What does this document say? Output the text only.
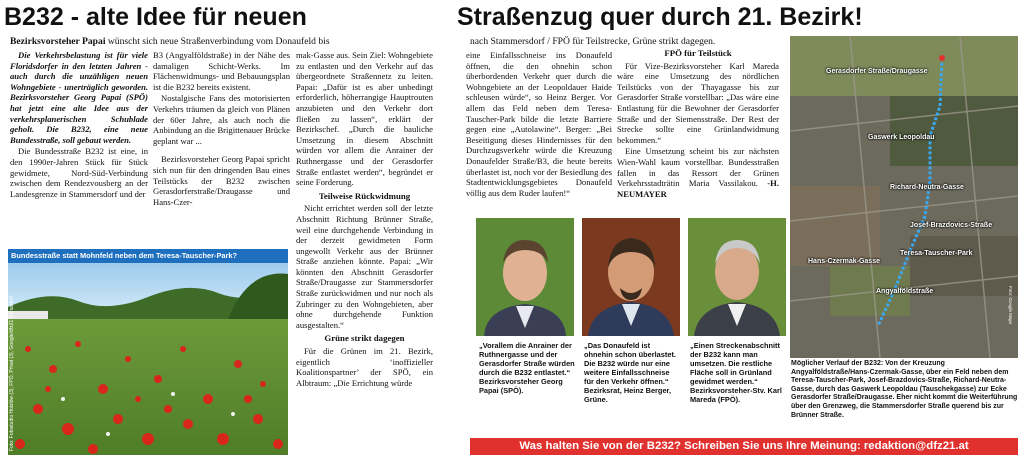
B232 - alte Idee für neuen	Straßenzug quer durch 21. Bezirk!
Bezirksvorsteher Papai wünscht sich neue Straßenverbindung vom Donaufeld bis	nach Stammersdorf / FPÖ für Teilstrecke, Grüne strikt dagegen.

Die Verkehrsbelastung ist für viele Floridsdorfer in den letzten Jahren - auch durch die unzähligen neuen Wohngebiete - unerträglich geworden. Bezirksvorsteher Georg Papai (SPÖ) hat jetzt eine alte Idee aus der verkehrsplanerischen Schublade geholt. Die B232, eine neue Bundesstraße, soll gebaut werden.

Die Bundesstraße B232 ist eine, in den 1990er-Jahren Stück für Stück gewidmete, Nord-Süd-Verbindung zwischen dem Rendezvousberg an der Landesgrenze in Stammersdorf und der

B3 (Angyalföldstraße) in der Nähe des damaligen Schicht-Werks. Im Flächenwidmungs- und Bebauungsplan ist die B232 bereits existent.

Nostalgische Fans des motorisierten Verkehrs träumen da gleich von Plänen der 60er Jahre, als auch noch die Anbindung an die Brigittenauer Brücke geplant war ...

Bezirksvorsteher Georg Papai spricht sich nun für den dringenden Bau eines Teilstücks der B232 zwischen Gerasdorferstraße/Draugasse und Hans-Czer-

mak-Gasse aus. Sein Ziel: Wohngebiete zu entlasten und den Verkehr auf das übergeordnete Straßennetz zu leiten. Papai: „Dafür ist es aber unbedingt erforderlich, höherrangige Hauptrouten anzubieten und den Verkehr dort fließen zu lassen“, erklärt der Bezirkschef. „Durch die bauliche Umsetzung in diesem Abschnitt würden vor allem die Anrainer der Ruthnergasse und der Gerasdorfer Straße entlastet werden“, begründet er seine Forderung.

Teilweise Rückwidmung

Nicht errichtet werden soll der letzte Abschnitt Richtung Brünner Straße, weil eine durchgehende Verbindung in der derzeit gewidmeten Form ungewollt Verkehr aus der Brünner Straße anziehen könnte. Papai: „Wir könnten den Abschnitt Gerasdorfer Straße/Draugasse zur Stammersdorfer Straße zurückwidmen und nur noch als Zubringer zu den Wohngebieten, aber ohne durchgehende Funktion ausgestalten.“

Grüne strikt dagegen

Für die Grünen im 21. Bezirk, eigentlich ‘inoffizieller Koalitionspartner’ der SPÖ, ein Albtraum: „Die Errichtung würde

Bundesstraße statt Mohnfeld neben dem Teresa-Tauscher-Park?
Foto: Fotostudio Holzlöw (3), FPÖ, Privat (3), Google/dfz21 Gerasdorf

eine Einfallsschneise ins Donaufeld öffnen, die den ohnehin schon überbordenden Verkehr quer durch die Wohngebiete an der Leopoldauer Haide schleusen würde“, so Heinz Berger. Vor allem das Feld neben dem Teresa-Tauscher-Park bilde die letzte Barriere gegen eine „Autolawine“. Berger: „Bei Beseitigung dieses Hindernisses für den Durchzugsverkehr würde die Kreuzung Donaufelder Straße/B3, die heute bereits überlastet ist, noch vor der Besiedlung des Stadtentwicklungsgebietes Donaufeld völlig aus dem Ruder laufen!“

FPÖ für Teilstück

Für Vize-Bezirksvorsteher Karl Mareda wäre eine Umsetzung des nördlichen Teilstücks von der Thayagasse bis zur Gerasdorfer Straße vorstellbar: „Das wäre eine Entlastung für die Bewohner der Gerasdorfer Straße und der Siemensstraße. Der Rest der Strecke sollte eine Grünlandwidmung bekommen.“

Eine Umsetzung scheint bis zur nächsten Wien-Wahl kaum vorstellbar. Bundesstraßen fallen in das Ressort der Grünen Verkehrsstadträtin Maria Vassilakou. -H. NEUMAYER

„Vorallem die Anrainer der Ruthnergasse und der Gerasdorfer Straße würden durch die B232 entlastet.“ Bezirksvorsteher Georg Papai (SPÖ).
„Das Donaufeld ist ohnehin schon überlastet. Die B232 würde nur eine weitere Einfallsschneise für den Verkehr öffnen.“ Bezirksrat, Heinz Berger, Grüne.
„Einen Streckenabschnitt der B232 kann man umsetzen. Die restliche Fläche soll in Grünland gewidmet werden.“ Bezirksvorsteher-Stv. Karl Mareda (FPÖ).
Gerasdorfer Straße/Draugasse
Gaswerk Leopoldau
Richard-Neutra-Gasse
Josef-Brazdovics-Straße
Hans-Czermak-Gasse
Teresa-Tauscher-Park
Angyalföldstraße	Foto: Google Maps
Möglicher Verlauf der B232: Von der Kreuzung Angyalföldstraße/Hans-Czermak-Gasse, über ein Feld neben dem Teresa-Tauscher-Park, Josef-Brazdovics-Straße, Richard-Neutra-Gasse, durch das Gaswerk Leopoldau (Tauschekgasse) zur Ecke Gerasdorfer Straße/Draugasse. Eher nicht kommt die Weiterführung über den Grenzweg, die Stammersdorfer Straße querend bis zur Brünner Straße.
Was halten Sie von der B232? Schreiben Sie uns Ihre Meinung: redaktion@dfz21.at
